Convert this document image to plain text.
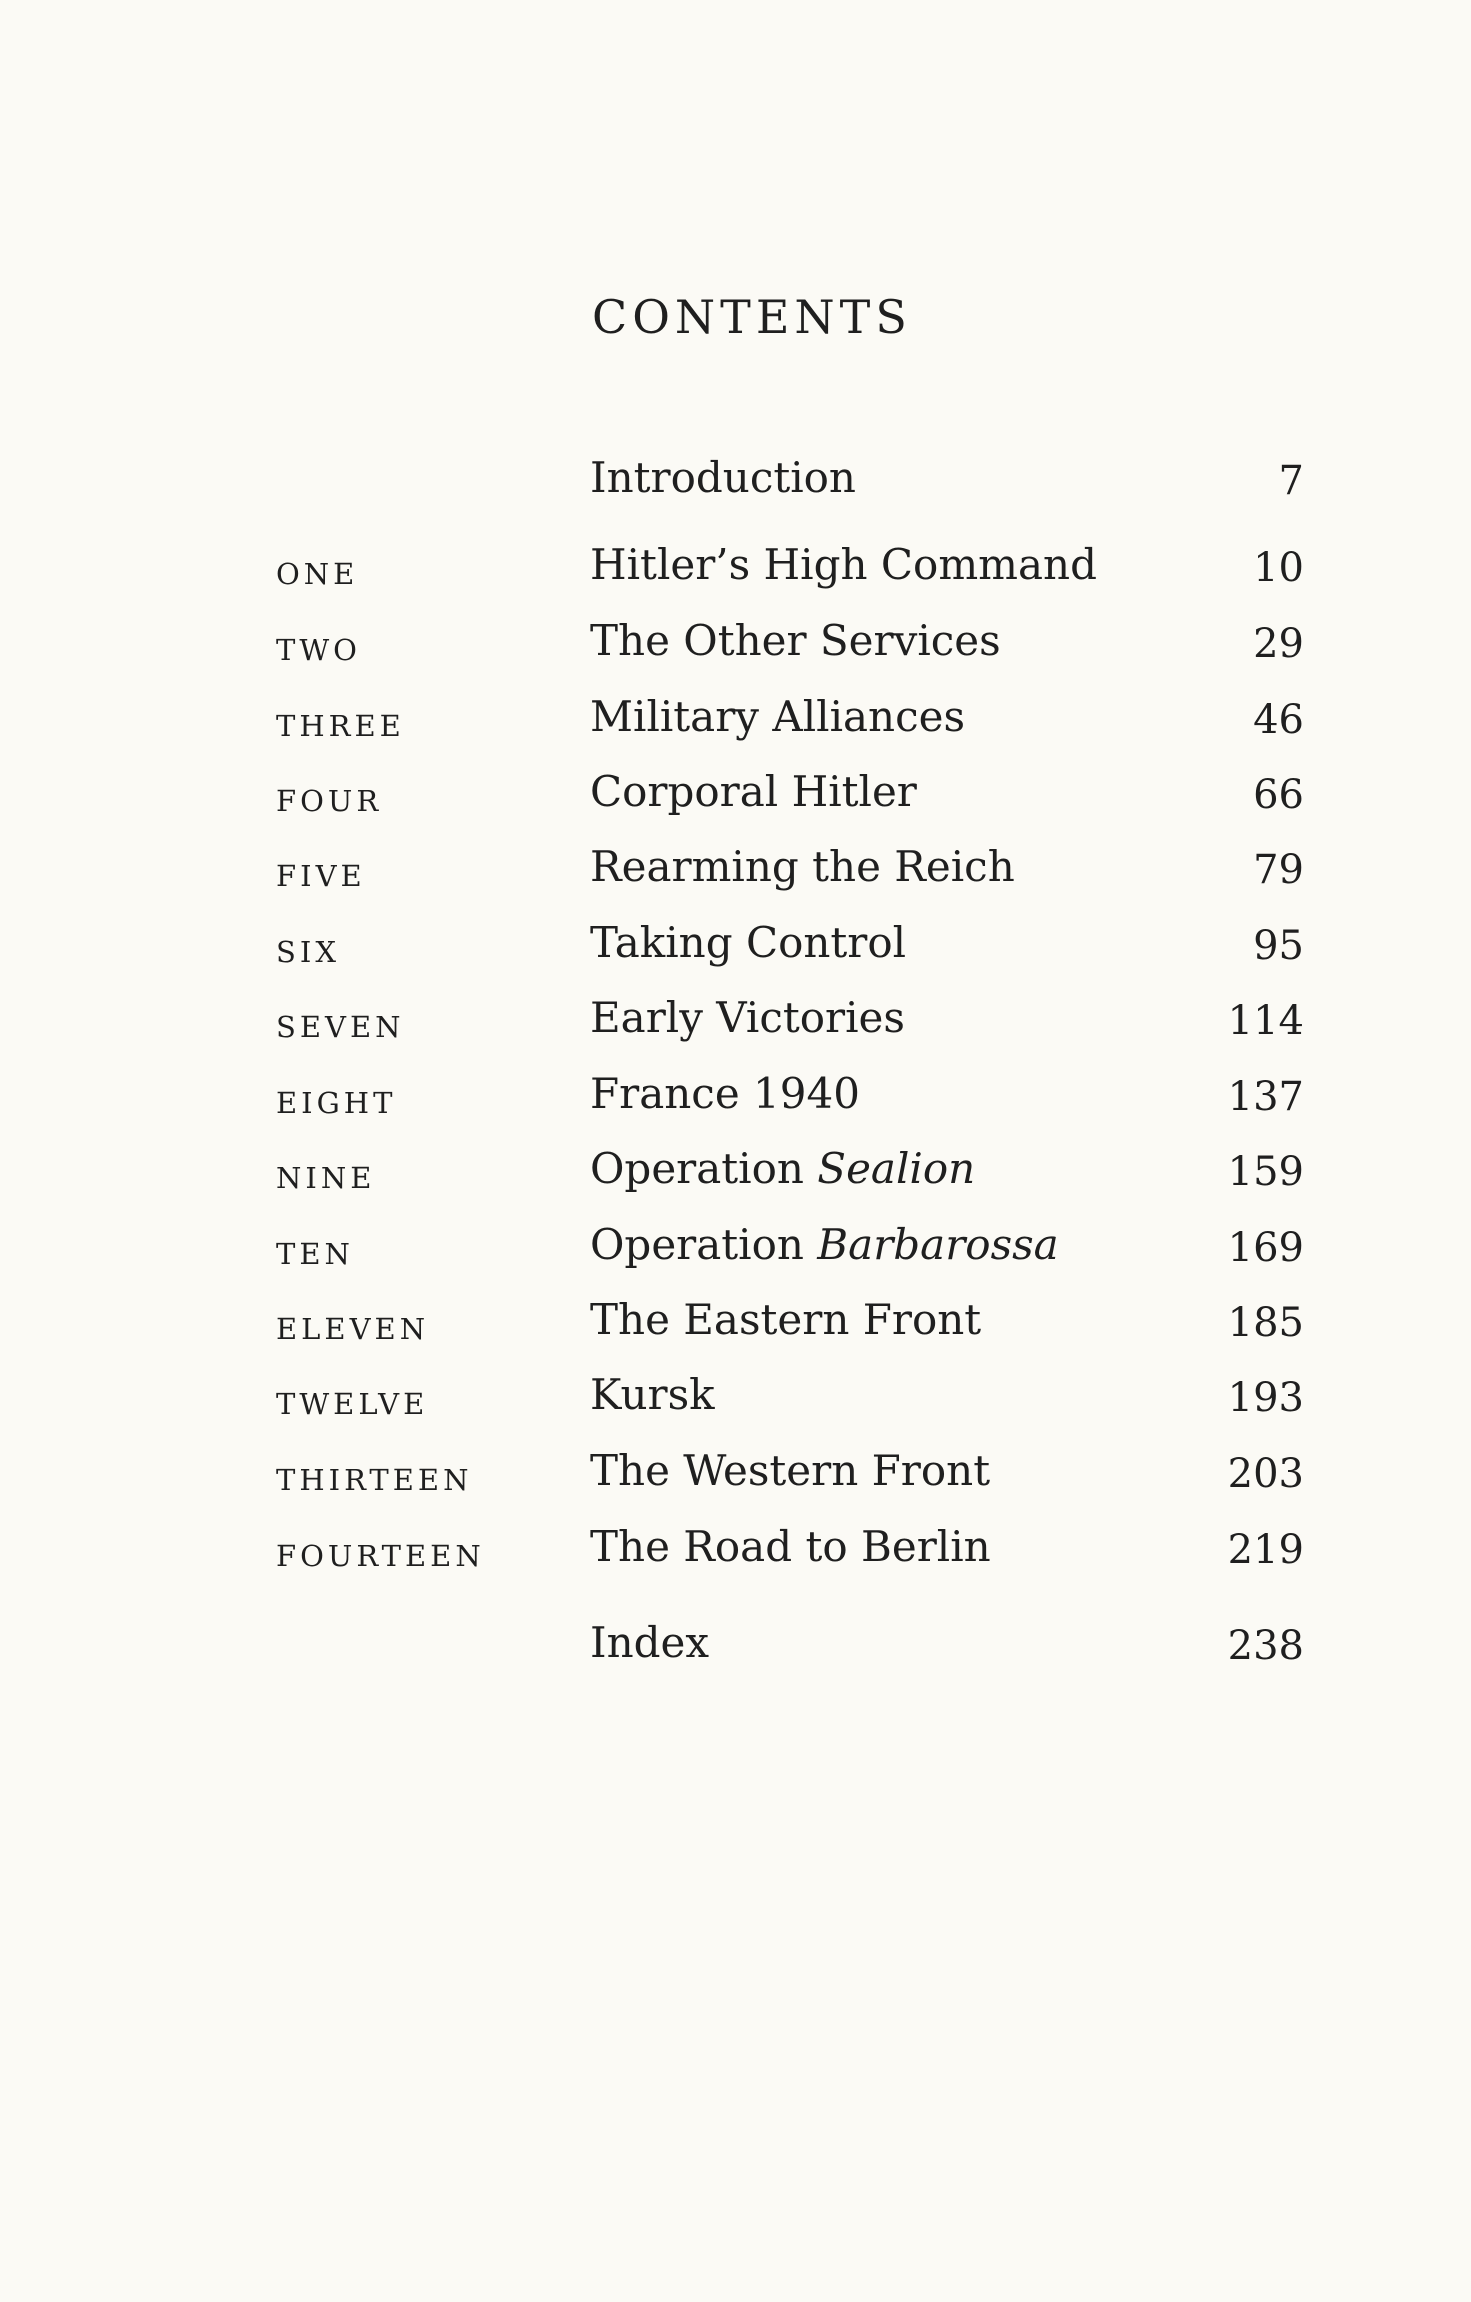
CONTENTS
Introduction	7
ONE	Hitler’s High Command	10
TWO	The Other Services	29
THREE	Military Alliances	46
FOUR	Corporal Hitler	66
FIVE	Rearming the Reich	79
SIX	Taking Control	95
SEVEN	Early Victories	114
EIGHT	France 1940	137
NINE	Operation Sealion	159
TEN	Operation Barbarossa	169
ELEVEN	The Eastern Front	185
TWELVE	Kursk	193
THIRTEEN	The Western Front	203
FOURTEEN	The Road to Berlin	219
Index	238
